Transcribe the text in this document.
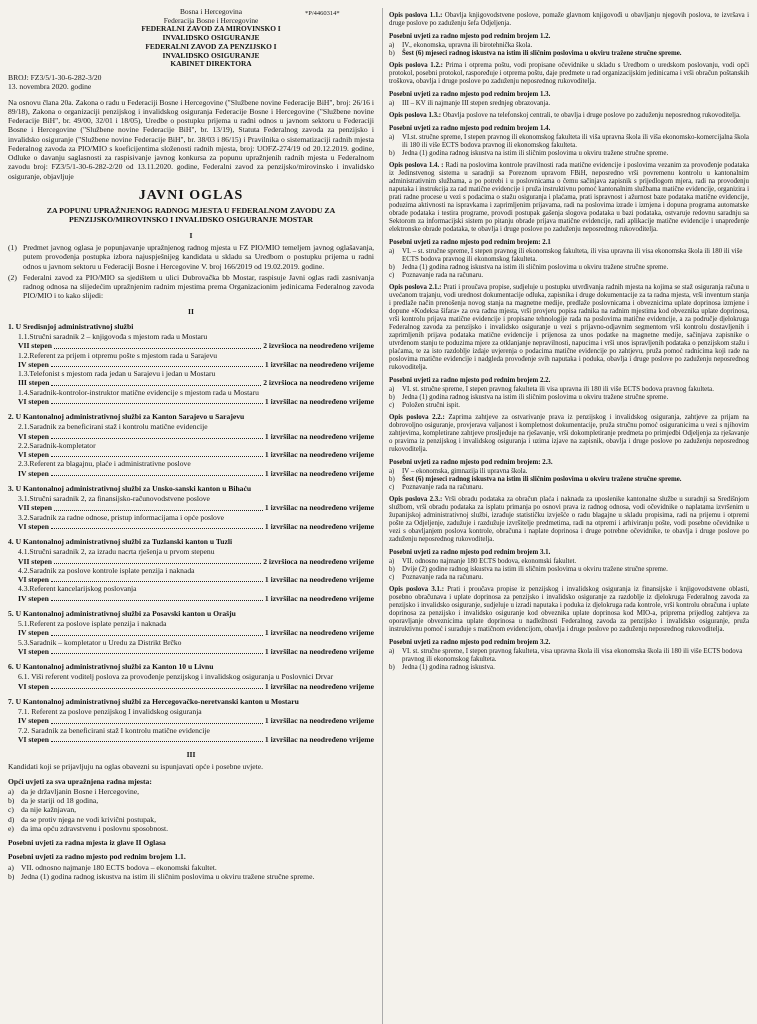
*P/4460314*
Bosna i Hercegovina
Federacija Bosne i Hercegovine
FEDERALNI ZAVOD ZA MIROVINSKO I
INVALIDSKO OSIGURANJE
FEDERALNI ZAVOD ZA PENZIJSKO I
INVALIDSKO OSIGURANJE
KABINET DIREKTORA
BROJ: FZ3/5/1-30-6-282-3/20
13. novembra 2020. godine

Na osnovu člana 20a. Zakona o radu u Federaciji Bosne i Hercegovine ("Službene novine Federacije BiH", broj: 26/16 i 89/18), Zakona o organizaciji penzijskog i invalidskog osiguranja Federacije Bosne i Hercegovine ("Službene novine Federacije BiH", br. 49/00, 32/01 i 18/05), Uredbe o postupku prijema u radni odnos u javnom sektoru u Federaciji Bosne i Hercegovine ("Službene novine Federacije BiH", br. 13/19), Statuta Federalnog zavoda za penzijsko i invalidsko osiguranje ("Službene novine Federacije BiH", br. 38/03 i 86/15) i Pravilnika o sistematizaciji radnih mjesta Federalnog zavoda za PIO/MIO s koeficijentima složenosti radnih mjesta, broj: UOFZ-274/19 od 20.12.2019. godine, Odluke o davanju saglasnosti za raspisivanje javnog konkursa za popunu upražnjenih radnih mjesta u Federalnom zavodu broj: FZ3/5/1-30-6-282-2/20 od 13.11.2020. godine, Federalni zavod za penzijsko/mirovinsko i invalidsko osiguranje, objavljuje

JAVNI OGLAS
ZA POPUNU UPRAŽNJENOG RADNOG MJESTA U FEDERALNOM ZAVODU ZA PENZIJSKO/MIROVINSKO I INVALIDSKO OSIGURANJE MOSTAR
I
(1) Predmet javnog oglasa je popunjavanje upražnjenog radnog mjesta u FZ PIO/MIO temeljem javnog oglašavanja, putem provođenja postupka izbora najuspješnijeg kandidata u skladu sa Uredbom o postupku prijema u radni odnos u javnom sektoru u Federaciji Bosne i Hercegovine V. broj 166/2019 od 19.02.2019. godine.
(2) Federalni zavod za PIO/MIO sa sjedištem u ulici Dubrovačka bb Mostar, raspisuje Javni oglas radi zasnivanja radnog odnosa na slijedećim upražnjenim radnim mjestima prema Organizacionim jedinicama Federalnog zavoda PIO/MIO i to kako slijedi:
II
1. U Sredisnjoj administrativnoj službi
1.1.Stručni saradnik 2 – knjigovođa s mjestom rada u Mostaru
VII stepen	2 izvršioca na neodređeno vrijeme
1.2.Referent za prijem i otpremu pošte s mjestom rada u Sarajevu
IV stepen	1 izvršilac na neodređeno vrijeme
1.3.Telefonist s mjestom rada jedan u Sarajevu i jedan u Mostaru
III stepen	2 izvršioca na neodređeno vrijeme
1.4.Saradnik-kontrolor-instruktor matične evidencije s mjestom rada u Mostaru
VI stepen	1 izvršilac na neodređeno vrijeme
2. U Kantonalnoj administrativnoj službi za Kanton Sarajevo u Sarajevu
2.1.Saradnik za beneficirani staž i kontrolu matične evidencije
VI stepen	1 izvršilac na neodređeno vrijeme
2.2.Saradnik-kompletator
VI stepen	1 izvršilac na neodređeno vrijeme
2.3.Referent za blagajnu, plaće i administrativne poslove
IV stepen	1 izvršilac na neodređeno vrijeme
3. U Kantonalnoj administrativnoj službi za Unsko-sanski kanton u Bihaću
3.1.Stručni saradnik 2, za finansijsko-računovodstvene poslove
VII stepen	1 izvršilac na neodređeno vrijeme
3.2.Saradnik za radne odnose, pristup informacijama i opće poslove
VI stepen	1 izvršilac na neodređeno vrijeme
4. U Kantonalnoj administrativnoj službi za Tuzlanski kanton u Tuzli
4.1.Stručni saradnik 2, za izradu nacrta rješenja u prvom stepenu
VII stepen	2 izvršioca na neodređeno vrijeme
4.2.Saradnik za poslove kontrole isplate penzija i naknada
VI stepen	1 izvršilac na neodređeno vrijeme
4.3.Referent kancelarijskog poslovanja
IV stepen	1 izvršilac na neodređeno vrijeme
5. U Kantonalnoj administrativnoj službi za Posavski kanton u Orašju
5.1.Referent za poslove isplate penzija i naknada
IV stepen	1 izvršilac na neodređeno vrijeme
5.3.Saradnik – kompletator u Uredu za Distrikt Brčko
VI stepen	1 izvršilac na neodređeno vrijeme
6. U Kantonalnoj administrativnoj službi za Kanton 10 u Livnu
6.1. Viši referent voditelj poslova za provođenje penzijskog i invalidskog osiguranja u Poslovnici Drvar
VI stepen	1 izvršilac na neodređeno vrijeme
7. U Kantonalnoj administrativnoj službi za Hercegovačko-neretvanski kanton u Mostaru
7.1. Referent za poslove penzijskog I invalidskog osiguranja
IV stepen	1 izvršilac na neodređeno vrijeme
7.2. Saradnik za beneficirani staž I kontrolu matične evidencije
VI stepen	1 izvršilac na neodređeno vrijeme
III

Kandidati koji se prijavljuju na oglas obavezni su ispunjavati opće i posebne uvjete.

Opći uvjeti za sva upražnjena radna mjesta:
a) da je državljanin Bosne i Hercegovine,
b) da je stariji od 18 godina,
c) da nije kažnjavan,
d) da se protiv njega ne vodi krivični postupak,
e) da ima opću zdravstvenu i poslovnu sposobnost.
Posebni uvjeti za radna mjesta iz glave II Oglasa
Posebni uvjeti za radno mjesto pod rednim brojem 1.1.
a) VII. odnosno najmanje 180 ECTS bodova – ekonomski fakultet.
b) Jedna (1) godina radnog iskustva na istim ili sličnim poslovima u okviru tražene stručne spreme.

Opis poslova 1.1.: Obavlja knjigovodstvene poslove, pomaže glavnom knjigovođi u obavljanju njegovih poslova, te izvršava i druge poslove po zaduženju šefa Odjeljenja.

Posebni uvjeti za radno mjesto pod rednim brojem 1.2.
a)	IV., ekonomska, upravna ili birotehnička škola.
b)	Šest (6) mjeseci radnog iskustva na istim ili sličnim poslovima u okviru tražene stručne spreme.

Opis poslova 1.2.: Prima i otprema poštu, vodi propisane očevidnike u skladu s Uredbom o uredskom poslovanju, vodi opći protokol, posebni protokol, raspoređuje i otprema poštu, daje predmete u rad organizacijskim jedinicama i vrši obračun poštanskih troškova, obavlja i druge poslove po zaduženju neposrednog rukovoditelja.

Posebni uvjeti za radno mjesto pod rednim brojem 1.3.
a)	III – KV ili najmanje III stepen srednjeg obrazovanja.

Opis poslova 1.3.: Obavlja poslove na telefonskoj centrali, te obavlja i druge poslove po zaduženju neposrednog rukovoditelja.

Posebni uvjeti za radno mjesto pod rednim brojem 1.4.
a)	VI.st. stručne spreme, I stepen pravnog ili ekonomskog fakulteta ili viša upravna škola ili viša ekonomsko-komercijalna škola ili 180 ili više ECTS bodova pravnog ili ekonomskog fakulteta.
b)	Jedna (1) godina radnog iskustva na istim ili sličnim poslovima u okviru tražene stručne spreme.

Opis poslova 1.4. : Radi na poslovima kontrole pravilnosti rada matične evidencije i poslovima vezanim za provođenje podataka iz Jedinstvenog sistema u saradnji sa Poreznom upravom FBiH, neposredno vrši povremenu kontrolu u kantonalnim administrativnim službama, a po potrebi i u poslovnicama o čemu sačinjava zapisnik s prijedlogom mjera, radi na provođenju naputaka i instrukcija za rad matične evidencije i pruža instruktivnu pomoć kantonalnim službama matične evidencije, organizira i prati radne procese u vezi s podacima o stažu osiguranja i plaćama, prati ispravnost i ažurnost baze podataka matične evidencije, poduzima aktivnosti na ispravkama i zaprimljenim prijavama, radi na poslovima izrade i izmjena i dopuna programa automatske obrade podataka i testira programe, provodi postupak gašenja slogova podataka u bazi podataka, ostvaruje redovnu saradnju sa Sektorom za informacijski sistem po pitanju obrade prijava matične evidencije, radi aplikacije matične evidencije i unapređenje elektronske obrade podataka, te obavlja i druge poslove po zaduženju neposrednog rukovoditelja.

Posebni uvjeti za radno mjesto pod rednim brojem: 2.1
a)	VI. – st. stručne spreme, I stepen pravnog ili ekonomskog fakulteta, ili visa upravna ili visa ekonomska škola ili 180 ili više ECTS bodova pravnog ili ekonomskog fakulteta.
b)	Jedna (1) godina radnog iskustva na istim ili sličnim poslovima u okviru tražene stručne spreme.
c)	Poznavanje rada na računaru.

Opis poslova 2.1.: Prati i proučava propise, sudjeluje u postupku utvrđivanja radnih mjesta na kojima se staž osiguranja računa u uvećanom trajanju, vodi urednost dokumentacije odluka, zapisnika i druge dokumentacije za ta radna mjesta, vrši inventurn stanja i predlaže način prenošenja novog stanja na magnetne medije, predlaže poslovnicama i obveznicima uplate doprinosa izmjene i dopune «Kodeksa šifara» za ova radna mjesta, vrši provjeru popisa radnika na radnim mjestima kod obveznika uplate doprinosa, vrši kontrolu prijava matične evidencije i propisane tehnologije rada na poslovima matične evidencije, a za područje djelokruga Federalnog zavoda za penzijsko i invalidsko osiguranje u vezi s prijavno-odjavnim segmentom vrši kontrolu dostavljenih i zaprimljenih prijava podataka matične evidencije i prijenosa za unos podatke na magnetne medije, sačinjava zapisnike o utvrđenom stanju te poduzima mjere za otklanjanje nepravilnosti, napucima i vrši unos ispravljenih podataka o penzijskom stažu i plaćama, te za isto razdoblje izdaje uvjerenja o podacima matične evidencije po zahtjevu, pruža pomoć radnicima koji rade na poslovima matične evidencije i nadgleda provođenje svih naputaka i poduka, obavlja i druge poslove po zaduženju neposrednog rukovoditelja.

Posebni uvjeti za radno mjesto pod rednim brojem 2.2.
a)	VI. st. stručne spreme, I stepen pravnog fakulteta ili visa upravna ili 180 ili više ECTS bodova pravnog fakulteta.
b)	Jedna (1) godina radnog iskustva na istim ili sličnim poslovima u okviru tražene stručne spreme.
c)	Položen stručni ispit.

Opis poslova 2.2.: Zaprima zahtjeve za ostvarivanje prava iz penzijskog i invalidskog osiguranja, zahtjeve za prijam na dobrovoljno osiguranje, provjerava valjanost i kompletnost dokumentacije, pruža stručnu pomoć osiguranicima u vezi s njihovim zahtjevima, kompletirane zahtjeve prosljeđuje na rješavanje, vrši dokompletiranje predmeta po primjedbi Odjeljenja za rješavanje o pravima iz penzijskog i invalidskog osiguranja i uzima izjave na zapisnik, obavlja i druge poslove po zaduženju neposrednog rukovoditelja.

Posebni uvjeti za radno mjesto pod rednim brojem: 2.3.
a)	IV – ekonomska, gimnazija ili upravna škola.
b)	Šest (6) mjeseci radnog iskustva na istim ili sličnim poslovima u okviru tražene stručne spreme.
c)	Poznavanje rada na računaru.

Opis poslova 2.3.: Vrši obradu podataka za obračun plaća i naknada za uposlenike kantonalne službe u suradnji sa Središnjom službom, vrši obradu podataka za isplatu primanja po osnovi prava iz radnog odnosa, vodi očevidnike o naplatama izvršenim u županijskoj administrativnoj službi, izrađuje statističku izvješće o radu blagajne u skladu propisima, radi na prijemu i otpremi pošte za Odjeljenje, zadužuje i razdužuje izvršitelje predmetima, radi na otpremi i arhiviranju pošte, vodi posebne očevidnike u vezi s obavljanjem poslova kontrole, obračuna i naplate doprinosa i druge potrebne očevidnike, te obavlja i druge poslove po zaduženju neposrednog rukovoditelja.

Posebni uvjeti za radno mjesto pod rednim brojem 3.1.
a)	VII. odnosno najmanje 180 ECTS bodova, ekonomski fakultet.
b)	Dvije (2) godine radnog iskustva na istim ili sličnim poslovima u okviru tražene stručne spreme.
c)	Poznavanje rada na računaru.

Opis poslova 3.1.: Prati i proučava propise iz penzijskog i invalidskog osiguranja iz finansijske i knjigovodstvene oblasti, posebno obračunava i uplate doprinosa za penzijsko i invalidsko osiguranje za razdoblje iz djelokruga Federalnog zavoda za penzijsko i invalidsko osiguranje, sudjeluje u izradi naputaka i poduka iz djelokruga rada kontrole, vrši kontrolu obračuna i uplate doprinosa za penzijsko i invalidsko osiguranje kod obveznika uplate doprinosa kod MIO-a, priprema prijedlog zahtjeva za oporavljanje obveznicima uplate doprinosa u nadležnosti Federalnog zavoda za penzijsko i invalidsko osiguranje, pruža instruktivnu pomoć i surađuje s matičnom evidencijom, obavlja i druge poslove po zaduženju neposrednog rukovoditelja.

Posebni uvjeti za radno mjesto pod rednim brojem 3.2.
a)	VI. st. stručne spreme, I stepen pravnog fakulteta, visa upravna škola ili visa ekonomska škola ili 180 ili više ECTS bodova pravnog ili ekonomskog fakulteta.
b)	Jedna (1) godina radnog iskustva.
